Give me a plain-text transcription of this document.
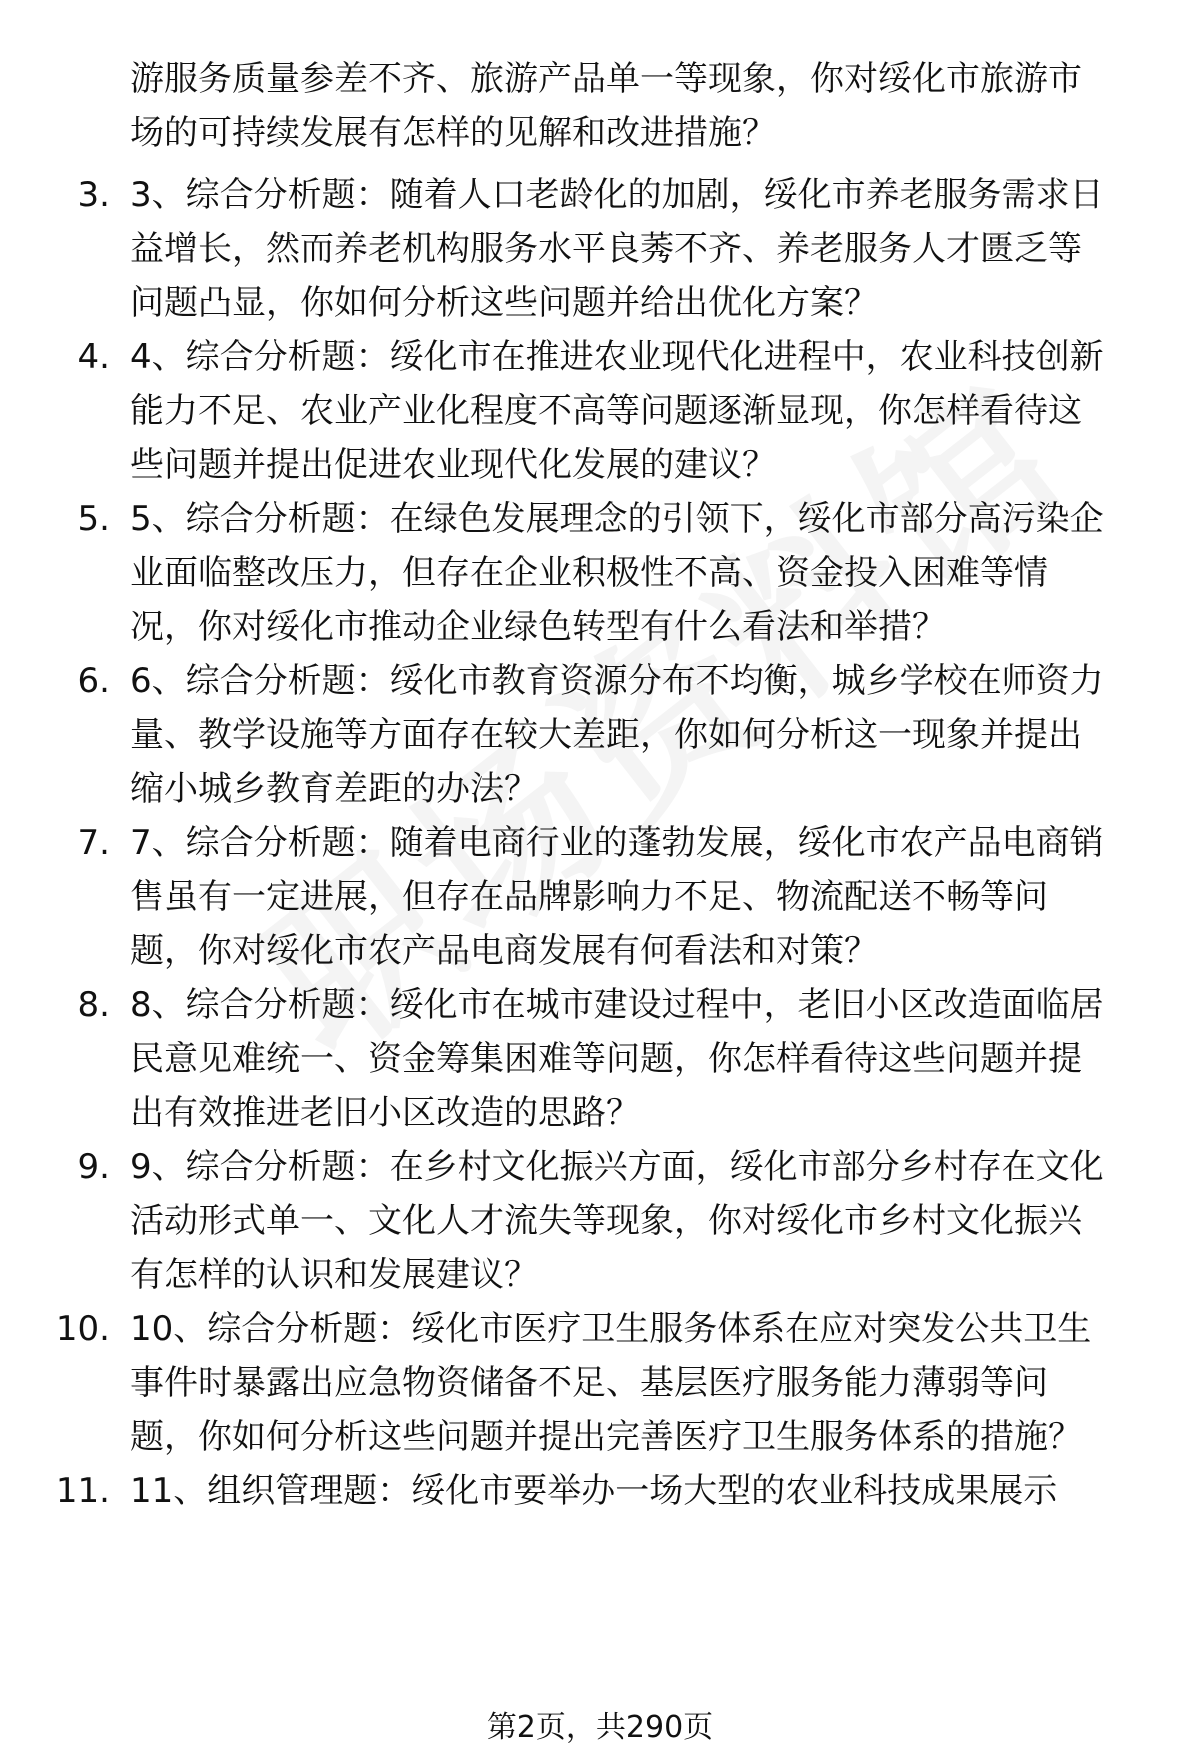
游服务质量参差不齐、旅游产品单一等现象，你对绥化市旅游市
场的可持续发展有怎样的见解和改进措施？
3. 3、综合分析题：随着人口老龄化的加剧，绥化市养老服务需求日
益增长，然而养老机构服务水平良莠不齐、养老服务人才匮乏等
问题凸显，你如何分析这些问题并给出优化方案？
4. 4、综合分析题：绥化市在推进农业现代化进程中，农业科技创新
能力不足、农业产业化程度不高等问题逐渐显现，你怎样看待这
些问题并提出促进农业现代化发展的建议？
5. 5、综合分析题：在绿色发展理念的引领下，绥化市部分高污染企
业面临整改压力，但存在企业积极性不高、资金投入困难等情
况，你对绥化市推动企业绿色转型有什么看法和举措？
6. 6、综合分析题：绥化市教育资源分布不均衡，城乡学校在师资力
量、教学设施等方面存在较大差距，你如何分析这一现象并提出
缩小城乡教育差距的办法？
7. 7、综合分析题：随着电商行业的蓬勃发展，绥化市农产品电商销
售虽有一定进展，但存在品牌影响力不足、物流配送不畅等问
题，你对绥化市农产品电商发展有何看法和对策？
8. 8、综合分析题：绥化市在城市建设过程中，老旧小区改造面临居
民意见难统一、资金筹集困难等问题，你怎样看待这些问题并提
出有效推进老旧小区改造的思路？
9. 9、综合分析题：在乡村文化振兴方面，绥化市部分乡村存在文化
活动形式单一、文化人才流失等现象，你对绥化市乡村文化振兴
有怎样的认识和发展建议？
10. 10、综合分析题：绥化市医疗卫生服务体系在应对突发公共卫生
事件时暴露出应急物资储备不足、基层医疗服务能力薄弱等问
题，你如何分析这些问题并提出完善医疗卫生服务体系的措施？
11. 11、组织管理题：绥化市要举办一场大型的农业科技成果展示
第2页，共290页
